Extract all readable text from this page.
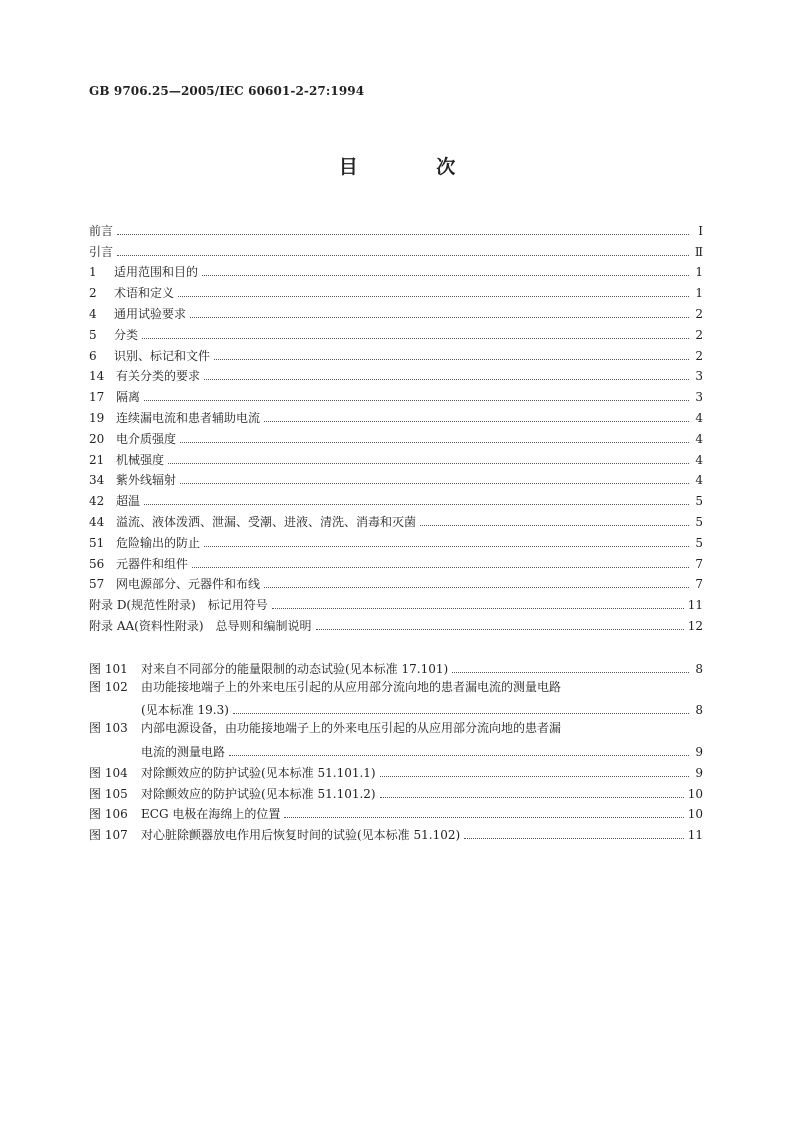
GB 9706.25—2005/IEC 60601-2-27:1994
目 次
前言	Ⅰ
引言	Ⅱ
1 适用范围和目的	1
2 术语和定义	1
4 通用试验要求	2
5 分类	2
6 识别、标记和文件	2
14 有关分类的要求	3
17 隔离	3
19 连续漏电流和患者辅助电流	4
20 电介质强度	4
21 机械强度	4
34 紫外线辐射	4
42 超温	5
44 溢流、液体泼洒、泄漏、受潮、进液、清洗、消毒和灭菌	5
51 危险输出的防止	5
56 元器件和组件	7
57 网电源部分、元器件和布线	7
附录 D(规范性附录)　标记用符号	11
附录 AA(资料性附录)　总导则和编制说明	12
图 101 对来自不同部分的能量限制的动态试验(见本标准 17.101)	8
图 102 由功能接地端子上的外来电压引起的从应用部分流向地的患者漏电流的测量电路
(见本标准 19.3)	8
图 103 内部电源设备，由功能接地端子上的外来电压引起的从应用部分流向地的患者漏
电流的测量电路	9
图 104 对除颤效应的防护试验(见本标准 51.101.1)	9
图 105 对除颤效应的防护试验(见本标准 51.101.2)	10
图 106 ECG 电极在海绵上的位置	10
图 107 对心脏除颤器放电作用后恢复时间的试验(见本标准 51.102)	11
